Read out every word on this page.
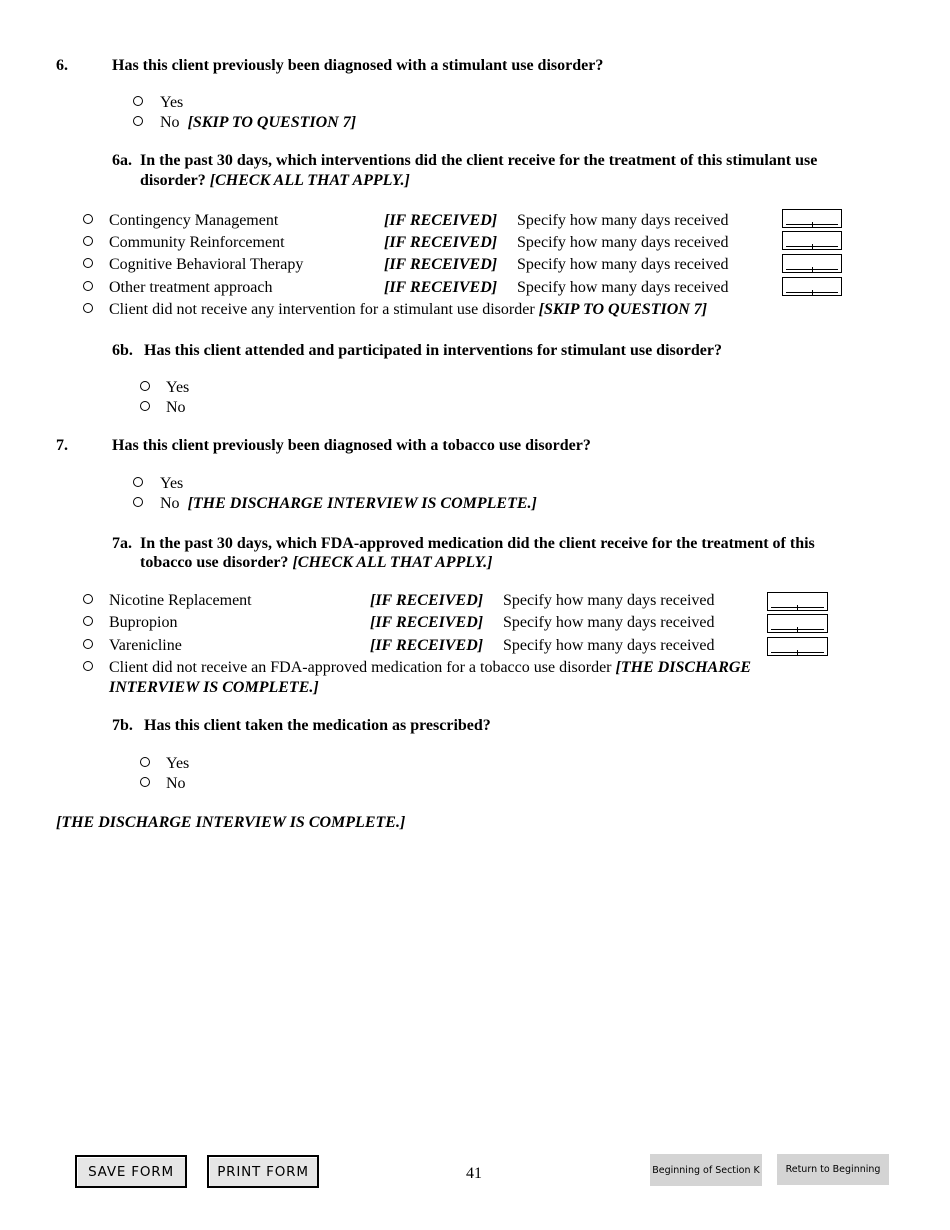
6.	Has this client previously been diagnosed with a stimulant use disorder?
Yes
No [SKIP TO QUESTION 7]
6a. In the past 30 days, which interventions did the client receive for the treatment of this stimulant use
disorder? [CHECK ALL THAT APPLY.]
Contingency Management	[IF RECEIVED] Specify how many days received
Community Reinforcement	[IF RECEIVED] Specify how many days received
Cognitive Behavioral Therapy	[IF RECEIVED] Specify how many days received
Other treatment approach	[IF RECEIVED] Specify how many days received
Client did not receive any intervention for a stimulant use disorder [SKIP TO QUESTION 7]
6b. Has this client attended and participated in interventions for stimulant use disorder?
Yes
No
7.	Has this client previously been diagnosed with a tobacco use disorder?
Yes
No [THE DISCHARGE INTERVIEW IS COMPLETE.]
7a. In the past 30 days, which FDA-approved medication did the client receive for the treatment of this
tobacco use disorder? [CHECK ALL THAT APPLY.]
Nicotine Replacement	[IF RECEIVED] Specify how many days received
Bupropion	[IF RECEIVED] Specify how many days received
Varenicline	[IF RECEIVED] Specify how many days received
Client did not receive an FDA-approved medication for a tobacco use disorder [THE DISCHARGE
INTERVIEW IS COMPLETE.]
7b. Has this client taken the medication as prescribed?
Yes
No
[THE DISCHARGE INTERVIEW IS COMPLETE.]
SAVE FORM	PRINT FORM	41	Beginning of Section K	Return to Beginning
